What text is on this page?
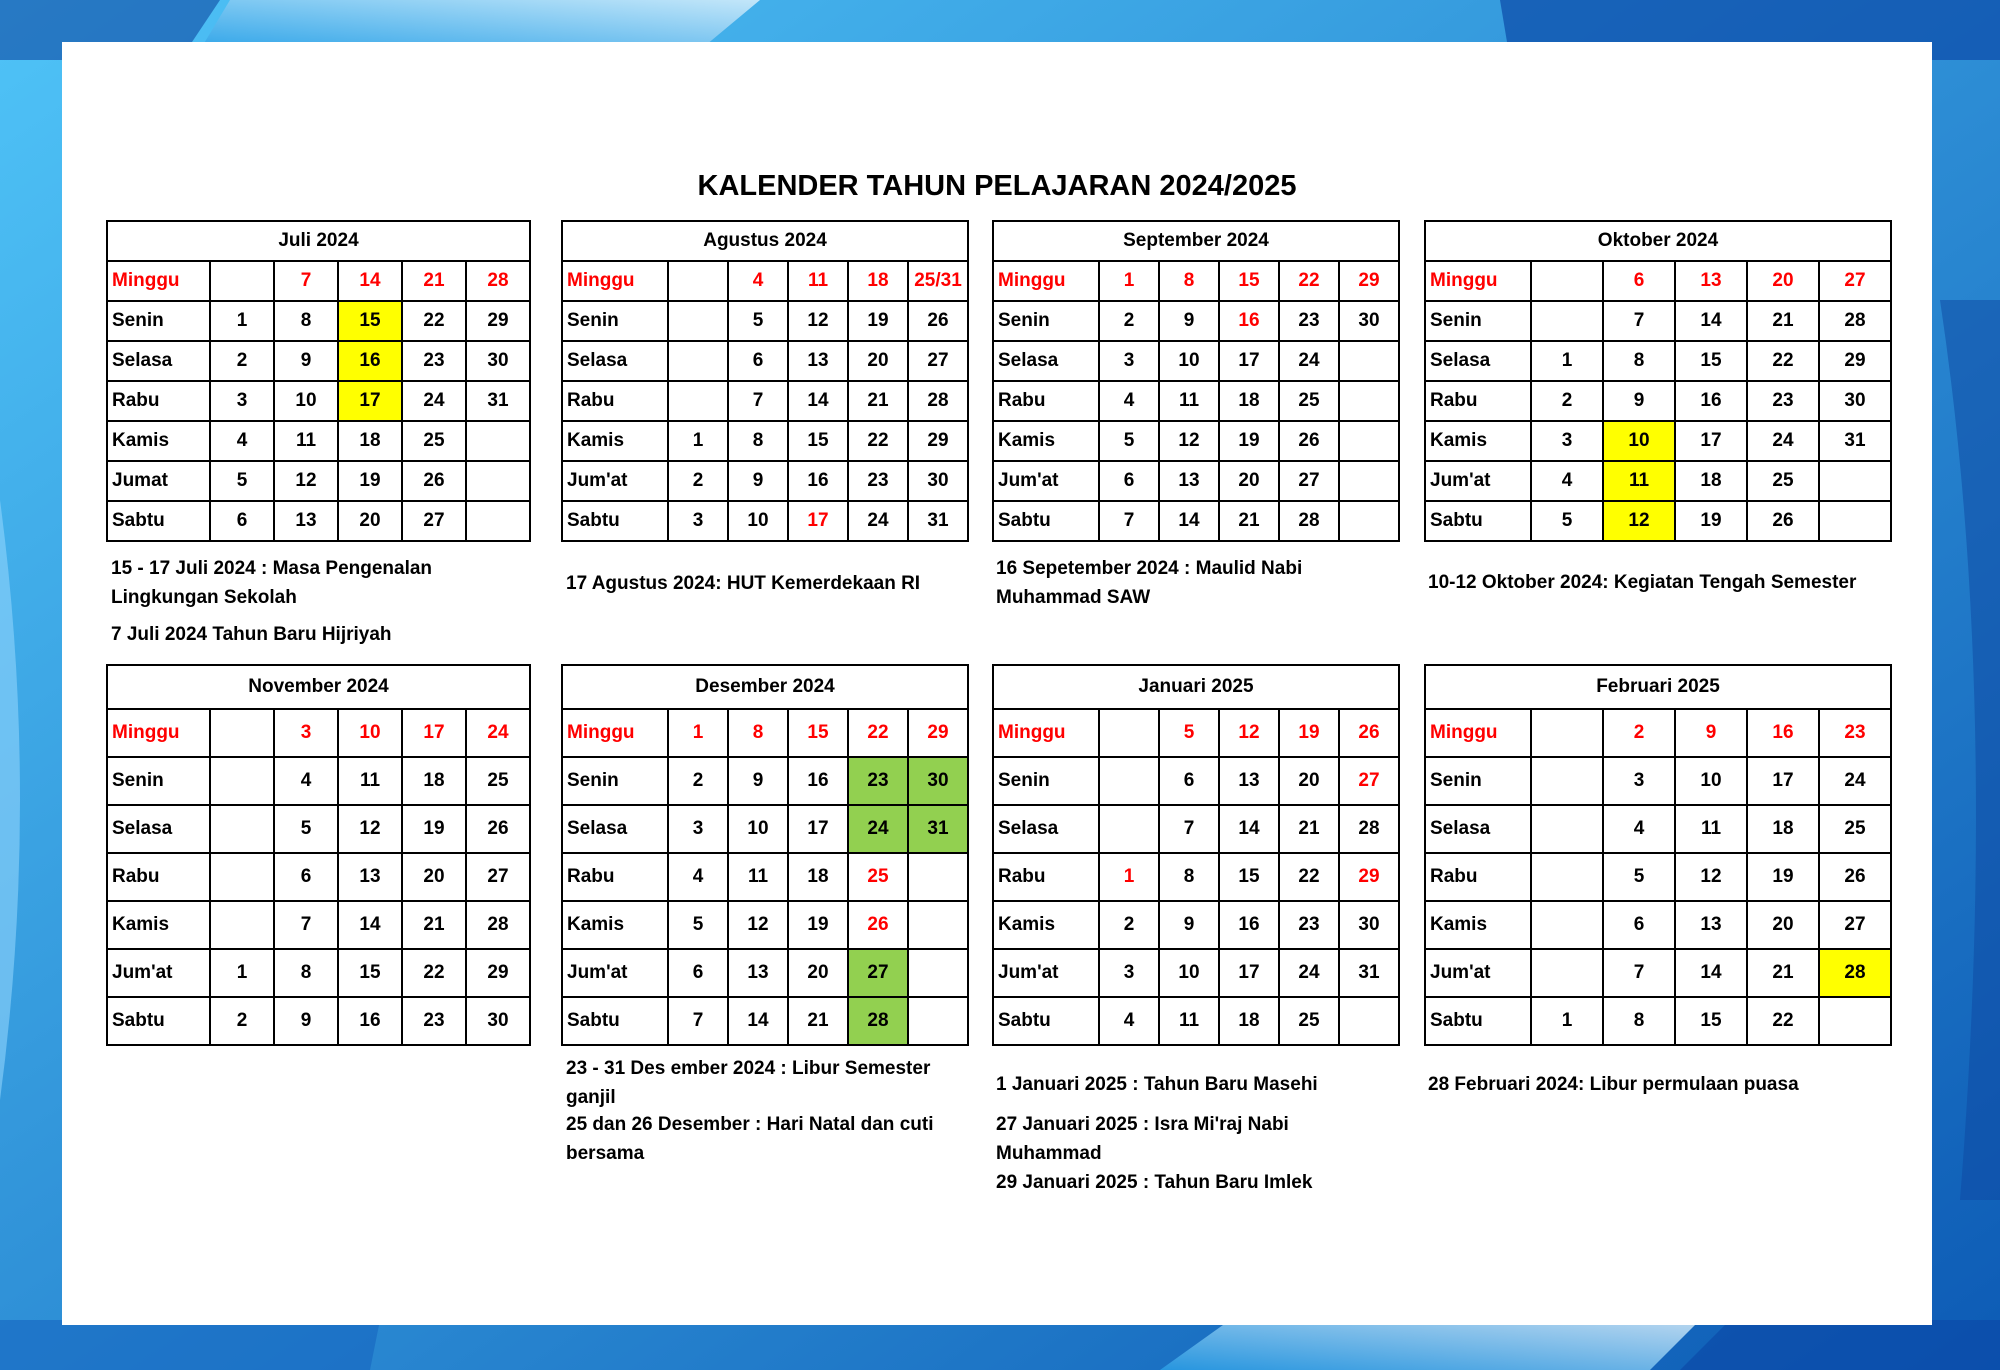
KALENDER TAHUN PELAJARAN 2024/2025
Juli 2024					
Minggu		7	14	21	28
Senin	1	8	15	22	29
Selasa	2	9	16	23	30
Rabu	3	10	17	24	31
Kamis	4	11	18	25	
Jumat	5	12	19	26	
Sabtu	6	13	20	27	
Agustus 2024					
Minggu		4	11	18	25/31
Senin		5	12	19	26
Selasa		6	13	20	27
Rabu		7	14	21	28
Kamis	1	8	15	22	29
Jum'at	2	9	16	23	30
Sabtu	3	10	17	24	31
September 2024					
Minggu	1	8	15	22	29
Senin	2	9	16	23	30
Selasa	3	10	17	24	
Rabu	4	11	18	25	
Kamis	5	12	19	26	
Jum'at	6	13	20	27	
Sabtu	7	14	21	28	
Oktober 2024					
Minggu		6	13	20	27
Senin		7	14	21	28
Selasa	1	8	15	22	29
Rabu	2	9	16	23	30
Kamis	3	10	17	24	31
Jum'at	4	11	18	25	
Sabtu	5	12	19	26	
November 2024					
Minggu		3	10	17	24
Senin		4	11	18	25
Selasa		5	12	19	26
Rabu		6	13	20	27
Kamis		7	14	21	28
Jum'at	1	8	15	22	29
Sabtu	2	9	16	23	30
Desember 2024					
Minggu	1	8	15	22	29
Senin	2	9	16	23	30
Selasa	3	10	17	24	31
Rabu	4	11	18	25	
Kamis	5	12	19	26	
Jum'at	6	13	20	27	
Sabtu	7	14	21	28	
Januari 2025					
Minggu		5	12	19	26
Senin		6	13	20	27
Selasa		7	14	21	28
Rabu	1	8	15	22	29
Kamis	2	9	16	23	30
Jum'at	3	10	17	24	31
Sabtu	4	11	18	25	
Februari 2025					
Minggu		2	9	16	23
Senin		3	10	17	24
Selasa		4	11	18	25
Rabu		5	12	19	26
Kamis		6	13	20	27
Jum'at		7	14	21	28
Sabtu	1	8	15	22	
15 - 17 Juli 2024 : Masa Pengenalan
Lingkungan Sekolah
7 Juli 2024 Tahun Baru Hijriyah
17 Agustus 2024: HUT Kemerdekaan RI
16 Sepetember 2024 : Maulid Nabi
Muhammad SAW
10-12 Oktober 2024: Kegiatan Tengah Semester
23 - 31 Des ember 2024 : Libur Semester
ganjil
25 dan 26 Desember : Hari Natal dan cuti
bersama
1 Januari 2025 : Tahun Baru Masehi
27 Januari 2025 : Isra Mi'raj Nabi
Muhammad
29 Januari 2025 : Tahun Baru Imlek
28 Februari 2024: Libur permulaan puasa
